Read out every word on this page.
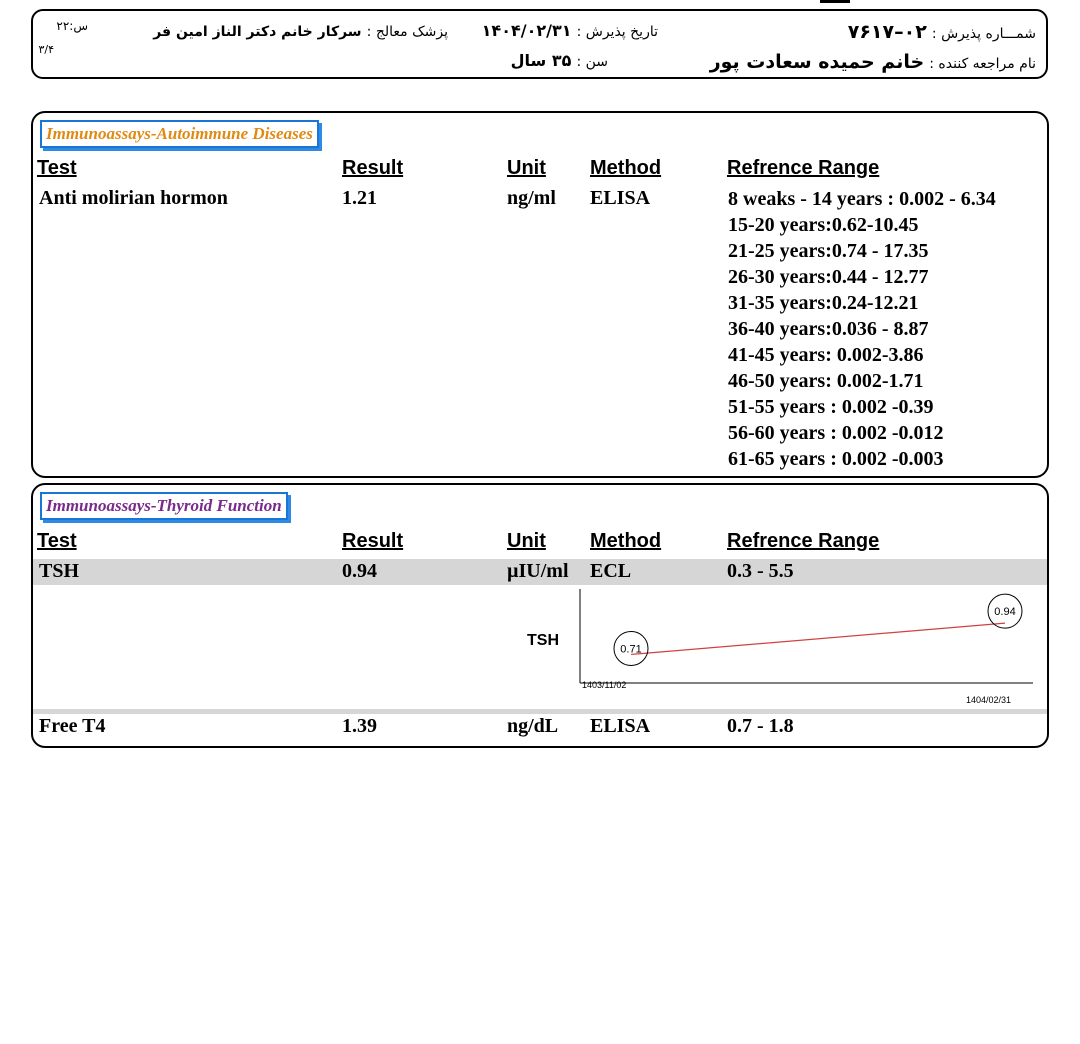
شمـــاره پذیرش : ۰۲–۷۶۱۷
نام مراجعه کننده : خانم حمیده سعادت پور
تاریخ پذیرش : ۱۴۰۴/۰۲/۳۱
سن : ۳۵ سال
پزشک معالج : سرکار خانم دکتر الناز امین فر
س:۲۲
۳/۴
Immunoassays-Autoimmune Diseases
Test	Result	Unit Method	Refrence Range
Anti molirian hormon	1.21	ng/ml ELISA	8 weaks - 14 years : 0.002 - 6.34
15-20 years:0.62-10.45
21-25 years:0.74 - 17.35
26-30 years:0.44 - 12.77
31-35 years:0.24-12.21
36-40 years:0.036 - 8.87
41-45 years: 0.002-3.86
46-50 years: 0.002-1.71
51-55 years : 0.002 -0.39
56-60 years : 0.002 -0.012
61-65 years : 0.002 -0.003
Immunoassays-Thyroid Function
Test	Result	Unit Method	Refrence Range
TSH	0.94	µIU/ml ECL	0.3 - 5.5
TSH
0.71
0.94
1403/11/02
1404/02/31
Free T4	1.39	ng/dL ELISA	0.7 - 1.8
